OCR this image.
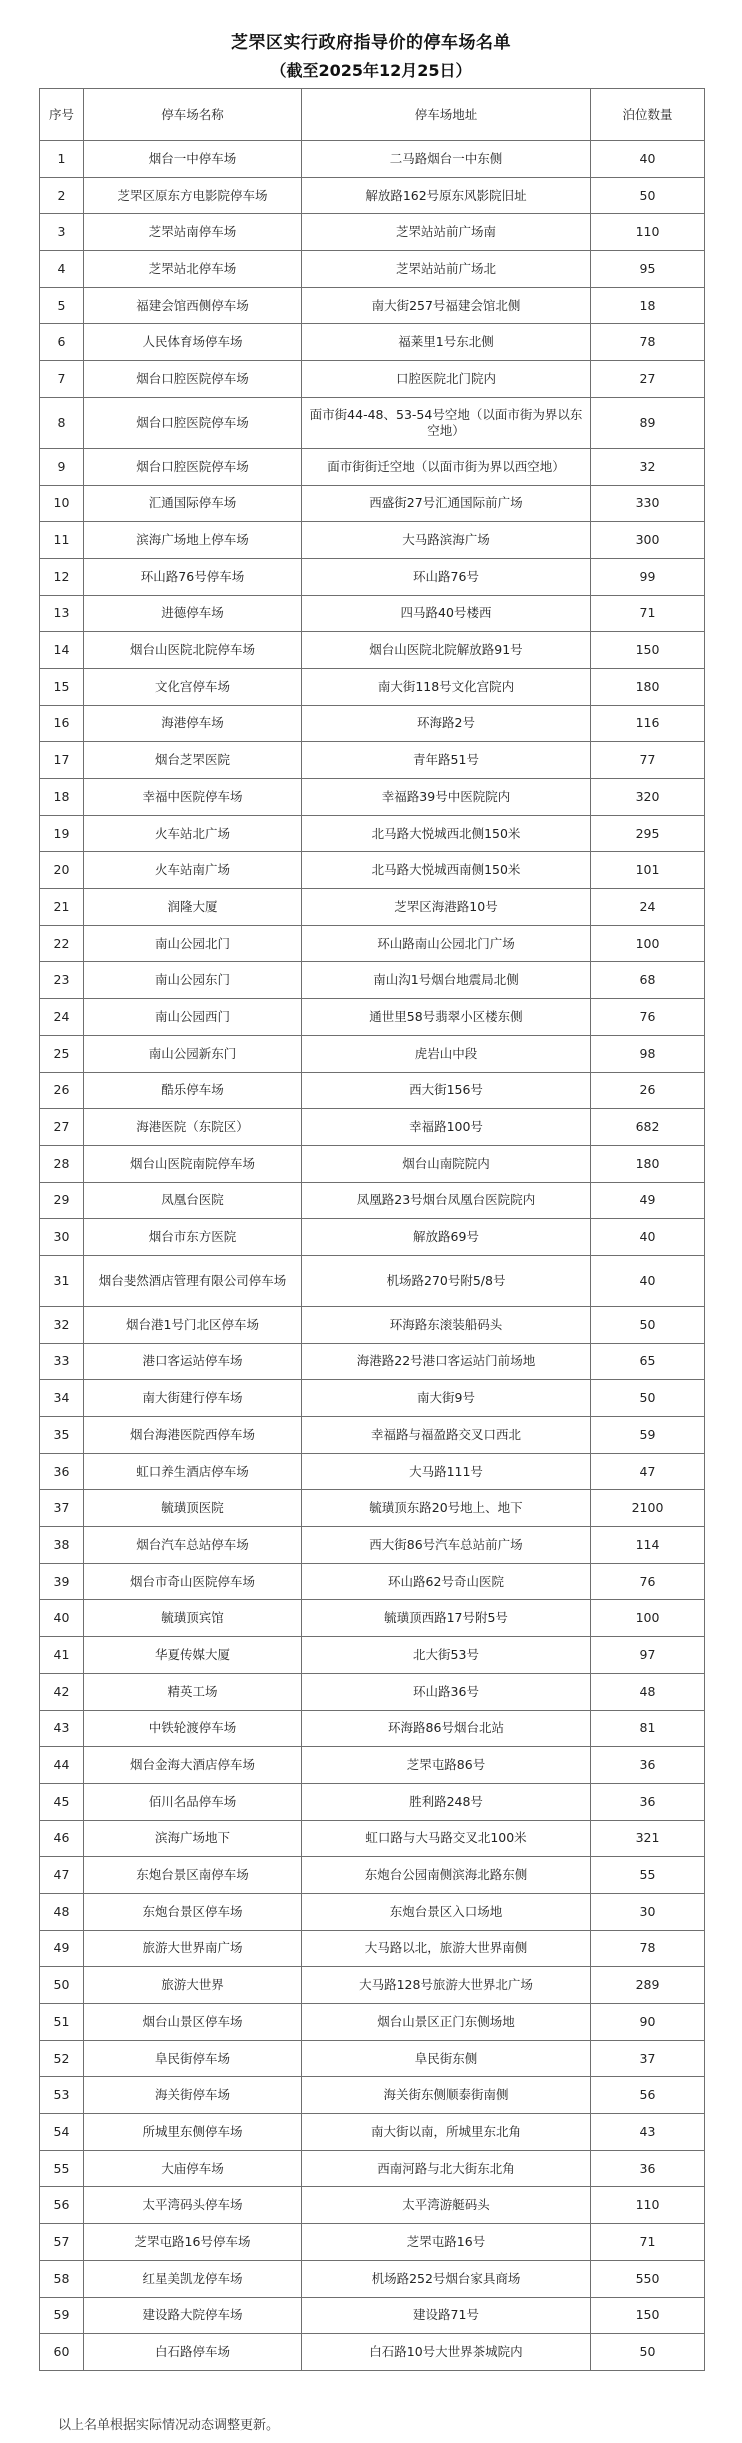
芝罘区实行政府指导价的停车场名单
（截至2025年12月25日）
序号	停车场名称	停车场地址	泊位数量
1	烟台一中停车场	二马路烟台一中东侧	40
2	芝罘区原东方电影院停车场	解放路162号原东风影院旧址	50
3	芝罘站南停车场	芝罘站站前广场南	110
4	芝罘站北停车场	芝罘站站前广场北	95
5	福建会馆西侧停车场	南大街257号福建会馆北侧	18
6	人民体育场停车场	福莱里1号东北侧	78
7	烟台口腔医院停车场	口腔医院北门院内	27
8	烟台口腔医院停车场	面市街44-48、53-54号空地（以面市街为界以东空地）	89
9	烟台口腔医院停车场	面市街街迁空地（以面市街为界以西空地）	32
10	汇通国际停车场	西盛街27号汇通国际前广场	330
11	滨海广场地上停车场	大马路滨海广场	300
12	环山路76号停车场	环山路76号	99
13	进德停车场	四马路40号楼西	71
14	烟台山医院北院停车场	烟台山医院北院解放路91号	150
15	文化宫停车场	南大街118号文化宫院内	180
16	海港停车场	环海路2号	116
17	烟台芝罘医院	青年路51号	77
18	幸福中医院停车场	幸福路39号中医院院内	320
19	火车站北广场	北马路大悦城西北侧150米	295
20	火车站南广场	北马路大悦城西南侧150米	101
21	润隆大厦	芝罘区海港路10号	24
22	南山公园北门	环山路南山公园北门广场	100
23	南山公园东门	南山沟1号烟台地震局北侧	68
24	南山公园西门	通世里58号翡翠小区楼东侧	76
25	南山公园新东门	虎岩山中段	98
26	酷乐停车场	西大街156号	26
27	海港医院（东院区）	幸福路100号	682
28	烟台山医院南院停车场	烟台山南院院内	180
29	凤凰台医院	凤凰路23号烟台凤凰台医院院内	49
30	烟台市东方医院	解放路69号	40
31	烟台斐然酒店管理有限公司停车场	机场路270号附5/8号	40
32	烟台港1号门北区停车场	环海路东滚装船码头	50
33	港口客运站停车场	海港路22号港口客运站门前场地	65
34	南大街建行停车场	南大街9号	50
35	烟台海港医院西停车场	幸福路与福盈路交叉口西北	59
36	虹口养生酒店停车场	大马路111号	47
37	毓璜顶医院	毓璜顶东路20号地上、地下	2100
38	烟台汽车总站停车场	西大街86号汽车总站前广场	114
39	烟台市奇山医院停车场	环山路62号奇山医院	76
40	毓璜顶宾馆	毓璜顶西路17号附5号	100
41	华夏传媒大厦	北大街53号	97
42	精英工场	环山路36号	48
43	中铁轮渡停车场	环海路86号烟台北站	81
44	烟台金海大酒店停车场	芝罘屯路86号	36
45	佰川名品停车场	胜利路248号	36
46	滨海广场地下	虹口路与大马路交叉北100米	321
47	东炮台景区南停车场	东炮台公园南侧滨海北路东侧	55
48	东炮台景区停车场	东炮台景区入口场地	30
49	旅游大世界南广场	大马路以北，旅游大世界南侧	78
50	旅游大世界	大马路128号旅游大世界北广场	289
51	烟台山景区停车场	烟台山景区正门东侧场地	90
52	阜民街停车场	阜民街东侧	37
53	海关街停车场	海关街东侧顺泰街南侧	56
54	所城里东侧停车场	南大街以南，所城里东北角	43
55	大庙停车场	西南河路与北大街东北角	36
56	太平湾码头停车场	太平湾游艇码头	110
57	芝罘屯路16号停车场	芝罘屯路16号	71
58	红星美凯龙停车场	机场路252号烟台家具商场	550
59	建设路大院停车场	建设路71号	150
60	白石路停车场	白石路10号大世界茶城院内	50
以上名单根据实际情况动态调整更新。
